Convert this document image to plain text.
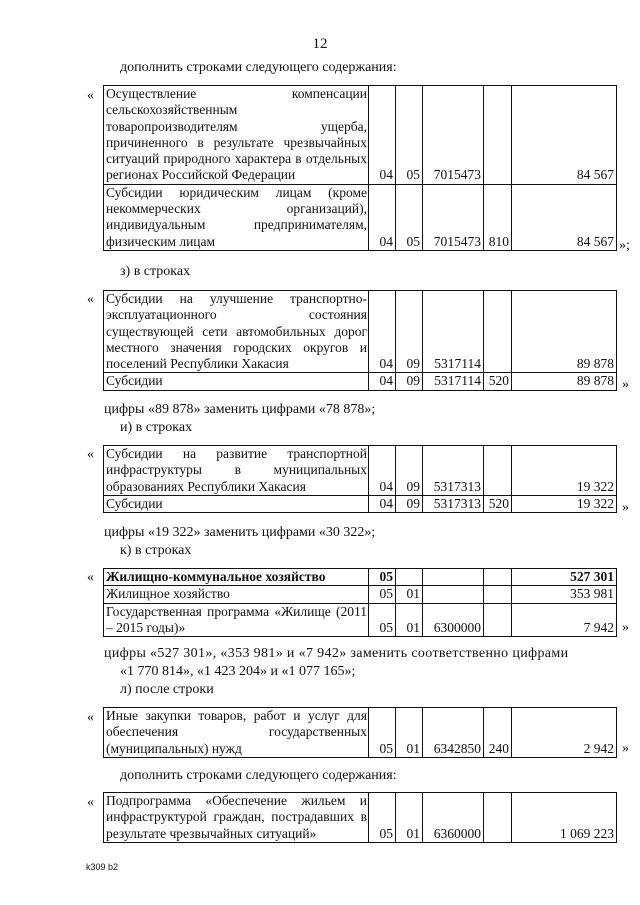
12
дополнить строками следующего содержания:
« Осуществление компенсации сельскохозяйственным товаропроизводителям ущерба, причиненного в результате чрезвычайных ситуаций природного характера в отдельных регионах Российской Федерации	04	05	7015473		84 567
Субсидии юридическим лицам (кроме некоммерческих организаций), индивидуальным предпринимателям, физическим лицам	04	05	7015473	810	84 567 »;
з) в строках
« Субсидии на улучшение транспортно-эксплуатационного состояния существующей сети автомобильных дорог местного значения городских округов и поселений Республики Хакасия	04	09	5317114		89 878
Субсидии	04	09	5317114	520	89 878 »
цифры «89 878» заменить цифрами «78 878»;
и) в строках
« Субсидии на развитие транспортной инфраструктуры в муниципальных образованиях Республики Хакасия	04	09	5317313		19 322
Субсидии	04	09	5317313	520	19 322 »
цифры «19 322» заменить цифрами «30 322»;
к) в строках
« Жилищно-коммунальное хозяйство	05				527 301
Жилищное хозяйство	05	01			353 981
Государственная программа «Жилище (2011 – 2015 годы)»	05	01	6300000		7 942 »
цифры «527 301», «353 981» и «7 942» заменить соответственно цифрами
«1 770 814», «1 423 204» и «1 077 165»;
л) после строки
« Иные закупки товаров, работ и услуг для обеспечения государственных (муниципальных) нужд	05	01	6342850	240	2 942 »
дополнить строками следующего содержания:
« Подпрограмма «Обеспечение жильем и инфраструктурой граждан, пострадавших в результате чрезвычайных ситуаций»	05	01	6360000		1 069 223
k309 b2
